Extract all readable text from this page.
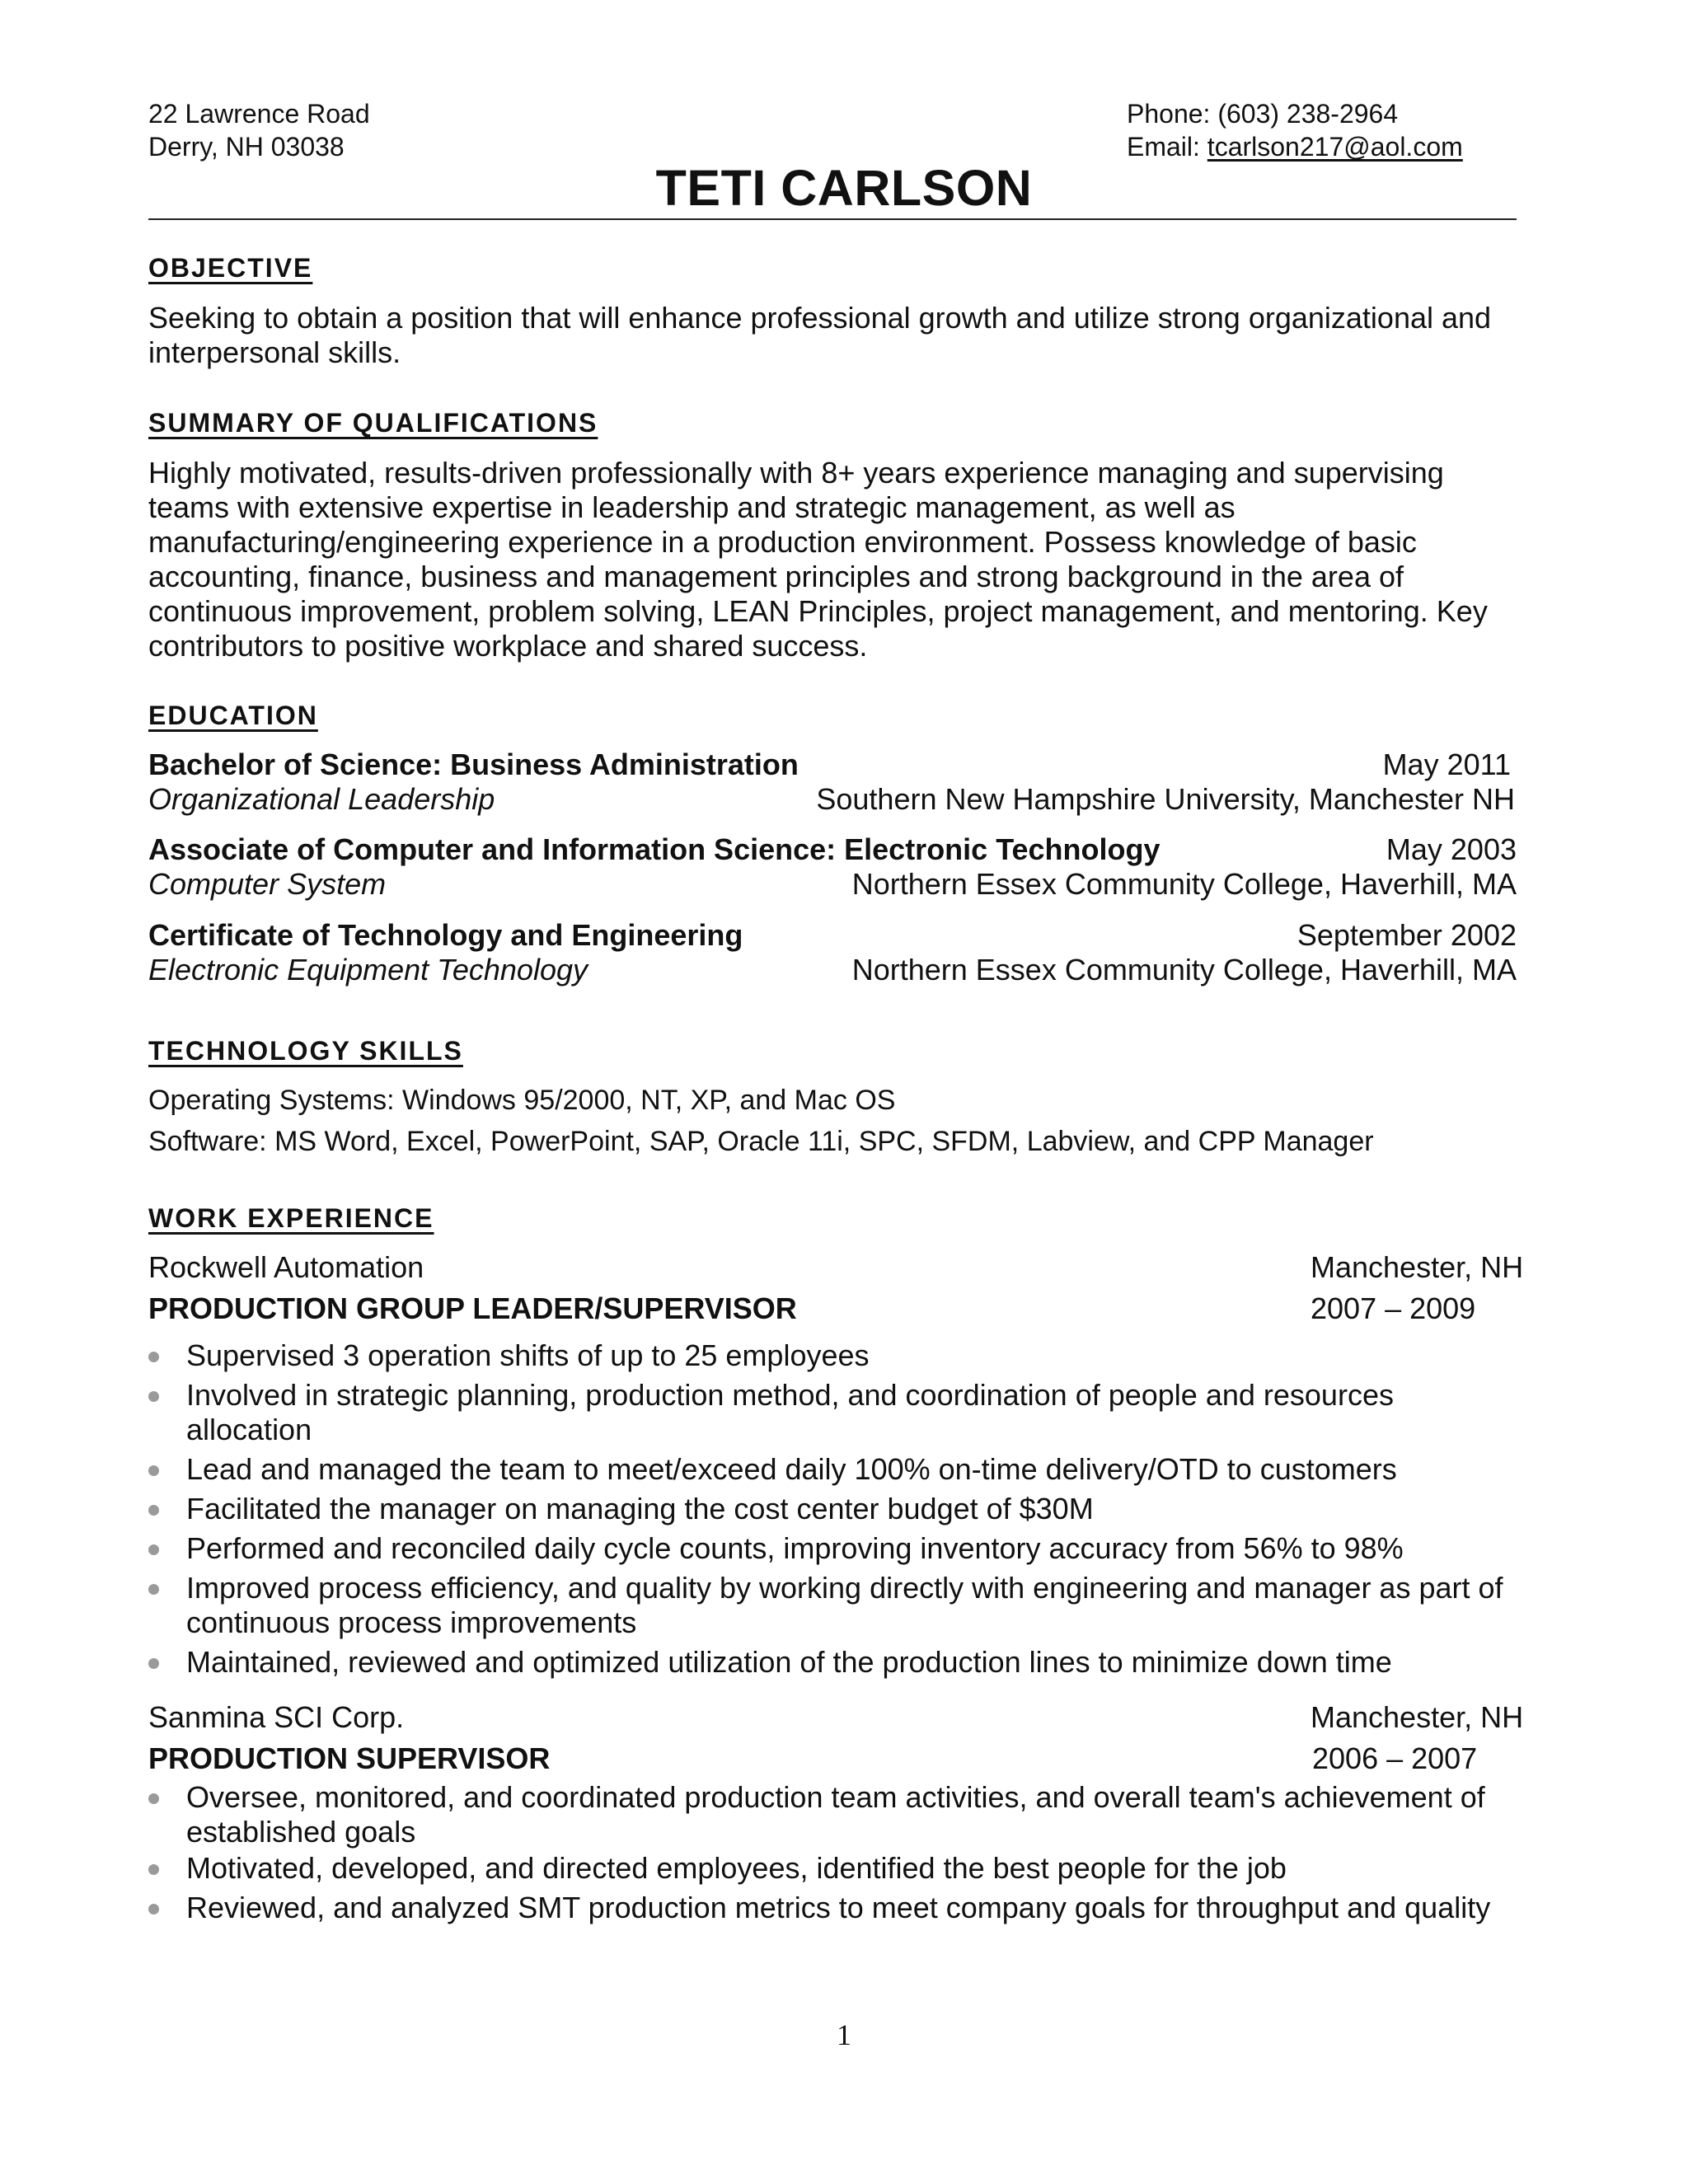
22 Lawrence Road
Derry, NH 03038
Phone: (603) 238-2964
Email: tcarlson217@aol.com
TETI CARLSON
OBJECTIVE
Seeking to obtain a position that will enhance professional growth and utilize strong organizational and
interpersonal skills.
SUMMARY OF QUALIFICATIONS
Highly motivated, results-driven professionally with 8+ years experience managing and supervising
teams with extensive expertise in leadership and strategic management, as well as
manufacturing/engineering experience in a production environment. Possess knowledge of basic
accounting, finance, business and management principles and strong background in the area of
continuous improvement, problem solving, LEAN Principles, project management, and mentoring. Key
contributors to positive workplace and shared success.
EDUCATION
Bachelor of Science: Business Administration	May 2011
Organizational Leadership	Southern New Hampshire University, Manchester NH
Associate of Computer and Information Science: Electronic Technology	May 2003
Computer System	Northern Essex Community College, Haverhill, MA
Certificate of Technology and Engineering	September 2002
Electronic Equipment Technology	Northern Essex Community College, Haverhill, MA
TECHNOLOGY SKILLS
Operating Systems: Windows 95/2000, NT, XP, and Mac OS
Software: MS Word, Excel, PowerPoint, SAP, Oracle 11i, SPC, SFDM, Labview, and CPP Manager
WORK EXPERIENCE
Rockwell Automation	Manchester, NH
PRODUCTION GROUP LEADER/SUPERVISOR	2007 – 2009
Supervised 3 operation shifts of up to 25 employees
Involved in strategic planning, production method, and coordination of people and resources
allocation
Lead and managed the team to meet/exceed daily 100% on-time delivery/OTD to customers
Facilitated the manager on managing the cost center budget of $30M
Performed and reconciled daily cycle counts, improving inventory accuracy from 56% to 98%
Improved process efficiency, and quality by working directly with engineering and manager as part of
continuous process improvements
Maintained, reviewed and optimized utilization of the production lines to minimize down time
Sanmina SCI Corp.	Manchester, NH
PRODUCTION SUPERVISOR	2006 – 2007
Oversee, monitored, and coordinated production team activities, and overall team's achievement of
established goals
Motivated, developed, and directed employees, identified the best people for the job
Reviewed, and analyzed SMT production metrics to meet company goals for throughput and quality
1
